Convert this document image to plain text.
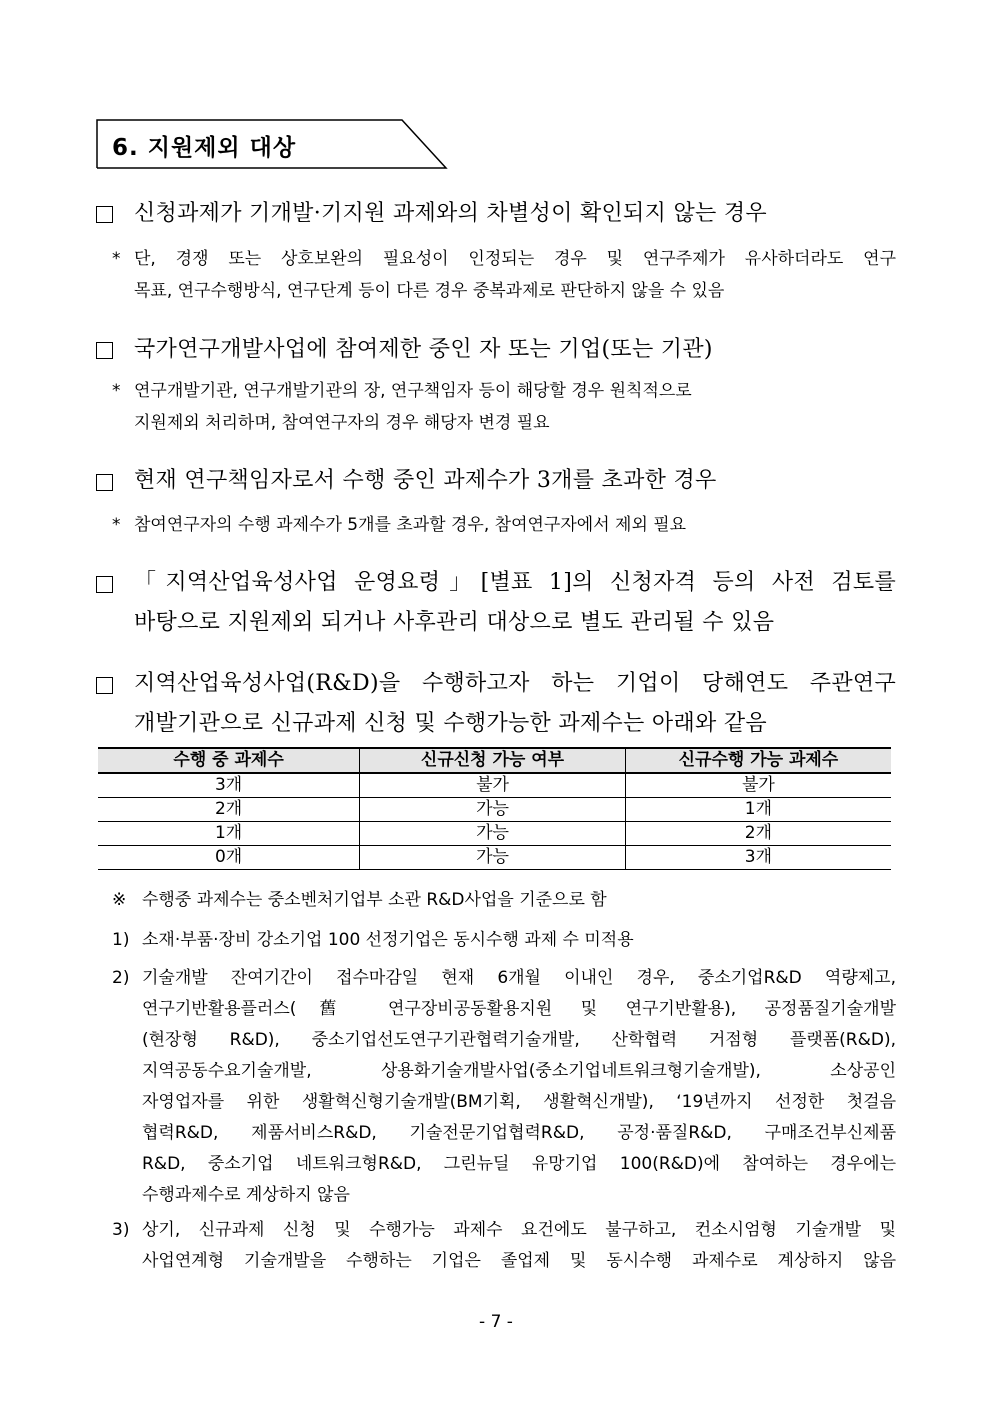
6. 지원제외 대상
신청과제가 기개발·기지원 과제와의 차별성이 확인되지 않는 경우
* 단, 경쟁 또는 상호보완의 필요성이 인정되는 경우 및 연구주제가 유사하더라도 연구
목표, 연구수행방식, 연구단계 등이 다른 경우 중복과제로 판단하지 않을 수 있음
국가연구개발사업에 참여제한 중인 자 또는 기업(또는 기관)
* 연구개발기관, 연구개발기관의 장, 연구책임자 등이 해당할 경우 원칙적으로
지원제외 처리하며, 참여연구자의 경우 해당자 변경 필요
현재 연구책임자로서 수행 중인 과제수가 3개를 초과한 경우
* 참여연구자의 수행 과제수가 5개를 초과할 경우, 참여연구자에서 제외 필요
「지역산업육성사업 운영요령」[별표 1]의 신청자격 등의 사전 검토를
바탕으로 지원제외 되거나 사후관리 대상으로 별도 관리될 수 있음
지역산업육성사업(R&D)을 수행하고자 하는 기업이 당해연도 주관연구
개발기관으로 신규과제 신청 및 수행가능한 과제수는 아래와 같음
수행 중 과제수	신규신청 가능 여부	신규수행 가능 과제수
3개	불가	불가
2개	가능	1개
1개	가능	2개
0개	가능	3개
※ 수행중 과제수는 중소벤처기업부 소관 R&D사업을 기준으로 함
1) 소재·부품·장비 강소기업 100 선정기업은 동시수행 과제 수 미적용
2) 기술개발 잔여기간이 접수마감일 현재 6개월 이내인 경우, 중소기업R&D 역량제고,
연구기반활용플러스(舊 연구장비공동활용지원 및 연구기반활용), 공정품질기술개발
(현장형 R&D), 중소기업선도연구기관협력기술개발, 산학협력 거점형 플랫폼(R&D),
지역공동수요기술개발, 상용화기술개발사업(중소기업네트워크형기술개발), 소상공인
자영업자를 위한 생활혁신형기술개발(BM기획, 생활혁신개발), ‘19년까지 선정한 첫걸음
협력R&D, 제품서비스R&D, 기술전문기업협력R&D, 공정·품질R&D, 구매조건부신제품
R&D, 중소기업 네트워크형R&D, 그린뉴딜 유망기업 100(R&D)에 참여하는 경우에는
수행과제수로 계상하지 않음
3) 상기, 신규과제 신청 및 수행가능 과제수 요건에도 불구하고, 컨소시엄형 기술개발 및
사업연계형 기술개발을 수행하는 기업은 졸업제 및 동시수행 과제수로 계상하지 않음
- 7 -
